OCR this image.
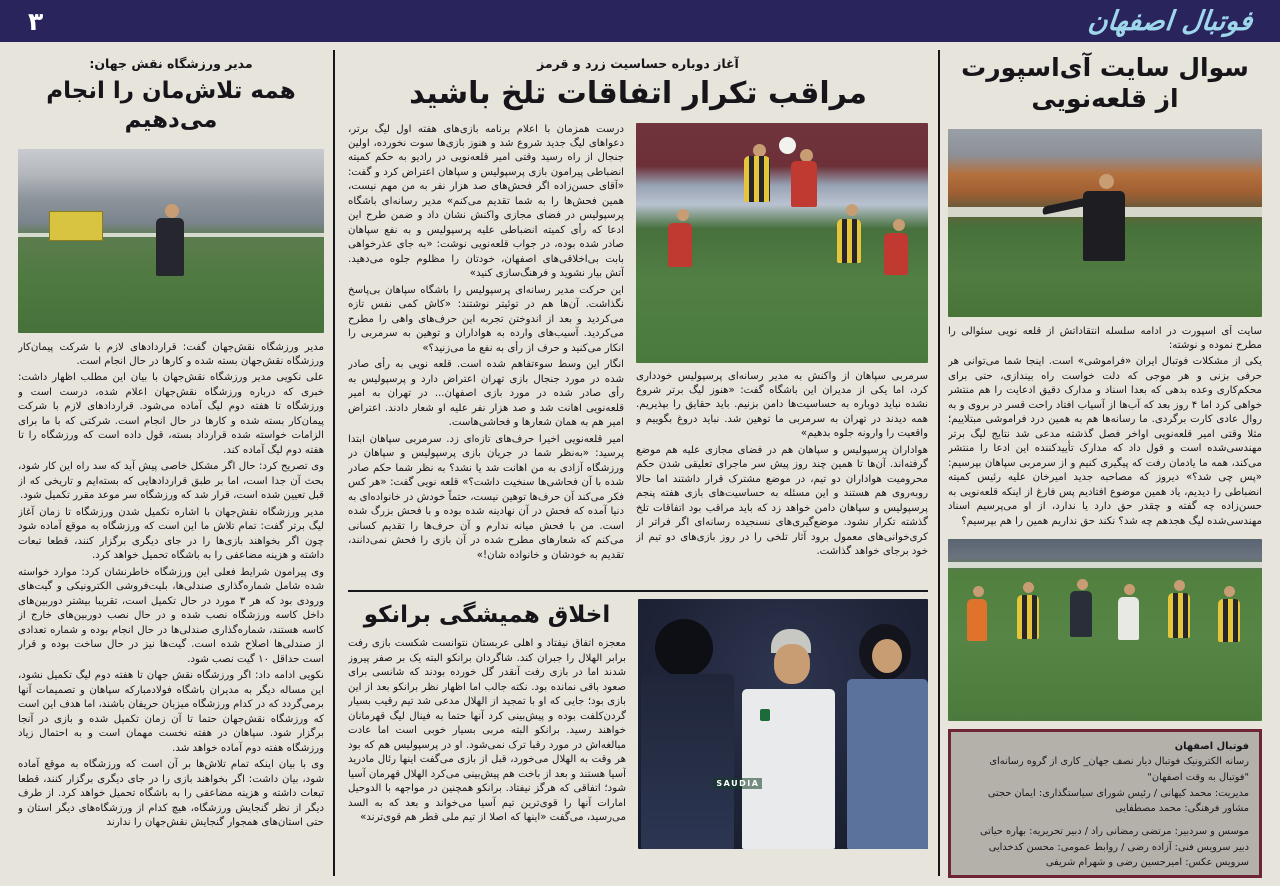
۳	فوتبال اصفهان
سوال سایت آی‌اسپورت
از قلعه‌نویی

سایت آی اسپورت در ادامه سلسله انتقاداتش از قلعه نویی سئوالی را مطرح نموده و نوشته:

یکی از مشکلات فوتبال ایران «فراموشی» است. اینجا شما می‌توانی هر حرفی بزنی و هر موجی که دلت خواست راه بیندازی، حتی برای محکم‌کاری وعده بدهی که بعدا اسناد و مدارک دقیق ادعایت را هم منتشر خواهی کرد اما ۴ روز بعد که آب‌ها از آسیاب افتاد راحت قسر در بروی و به روال عادی کارت برگردی. ما رسانه‌ها هم به همین درد فراموشی مبتلاییم؛ مثلا وقتی امیر قلعه‌نویی اواخر فصل گذشته مدعی شد نتایج لیگ برتر مهندسی‌شده است و قول داد که مدارک تأییدکننده این ادعا را منتشر می‌کند، همه ما یادمان رفت که پیگیری کنیم و از سرمربی سپاهان بپرسیم: «پس چی شد؟» دیروز که مصاحبه جدید امیرخان علیه رئیس کمیته انضباطی را دیدیم، یاد همین موضوع افتادیم پس فارغ از اینکه قلعه‌نویی به حسن‌زاده چه گفته و چقدر حق دارد یا ندارد، از او می‌پرسیم اسناد مهندسی‌شده لیگ هجدهم چه شد؟ نکند حق نداریم همین را هم بپرسیم؟

فوتبال اصفهان
رسانه الکترونیک فوتبال دیار نصف جهان_ کاری از گروه رسانه‌ای "فوتبال به وقت اصفهان"
مدیریت: محمد کیهانی / رئیس شورای سیاستگذاری: ایمان حجتی
مشاور فرهنگی: محمد مصطفایی
موسس و سردبیر: مرتضی رمضانی راد / دبیر تحریریه: بهاره حیاتی
دبیر سرویس فنی: آزاده رضی / روابط عمومی: محسن کدخدایی
سرویس عکس: امیرحسین رضی و شهرام شریفی
آغاز دوباره حساسیت زرد و قرمز
مراقب تکرار اتفاقات تلخ باشید

سرمربی سپاهان از واکنش به مدیر رسانه‌ای پرسپولیس خودداری کرد، اما یکی از مدیران این باشگاه گفت: «هنوز لیگ برتر شروع نشده نباید دوباره به حساسیت‌ها دامن بزنیم. باید حقایق را بپذیریم. همه دیدند در تهران به سرمربی ما توهین شد. نباید دروغ بگوییم و واقعیت را وارونه جلوه بدهیم»

هواداران پرسپولیس و سپاهان هم در فضای مجازی علیه هم موضع گرفته‌اند. آن‌ها تا همین چند روز پیش سر ماجرای تعلیقی شدن حکم محرومیت هواداران دو تیم، در موضع مشترک قرار داشتند اما حالا روبه‌روی هم هستند و این مسئله به حساسیت‌های بازی هفته پنجم پرسپولیس و سپاهان دامن خواهد زد که باید مراقب بود اتفاقات تلخ گذشته تکرار نشود. موضع‌گیری‌های نسنجیده رسانه‌ای اگر فراتر از کری‌خوانی‌های معمول برود آثار تلخی را در روز بازی‌های دو تیم از خود برجای خواهد گذاشت.

درست همزمان با اعلام برنامه بازی‌های هفته اول لیگ برتر، دعواهای لیگ جدید شروع شد و هنوز بازی‌ها سوت نخورده، اولین جنجال از راه رسید وقتی امیر قلعه‌نویی در رادیو به حکم کمیته انضباطی پیرامون بازی پرسپولیس و سپاهان اعتراض کرد و گفت: «آقای حسن‌زاده اگر فحش‌های صد هزار نفر به من مهم نیست، همین فحش‌ها را به شما تقدیم می‌کنم» مدیر رسانه‌ای باشگاه پرسپولیس در فضای مجازی واکنش نشان داد و ضمن طرح این ادعا که رأی کمیته انضباطی علیه پرسپولیس و به نفع سپاهان صادر شده بوده، در جواب قلعه‌نویی نوشت: «به جای عذرخواهی بابت بی‌اخلاقی‌های اصفهان، خودتان را مظلوم جلوه می‌دهید. آتش بیار نشوید و فرهنگ‌سازی کنید»

این حرکت مدیر رسانه‌ای پرسپولیس را باشگاه سپاهان بی‌پاسخ نگذاشت. آن‌ها هم در توئیتر نوشتند: «کاش کمی نفس تازه می‌کردید و بعد از اندوختن تجربه این حرف‌های واهی را مطرح می‌کردید. آسیب‌های وارده به هواداران و توهین به سرمربی را انکار می‌کنید و حرف از رأی به نفع ما می‌زنید؟»

انگار این وسط سوءتفاهم شده است. قلعه نویی به رأی صادر شده در مورد جنجال بازی تهران اعتراض دارد و پرسپولیس به رأی صادر شده در مورد بازی اصفهان... در تهران به امیر قلعه‌نویی اهانت شد و صد هزار نفر علیه او شعار دادند. اعتراض امیر هم به همان شعارها و فحاشی‌هاست.

امیر قلعه‌نویی اخیرا حرف‌های تازه‌ای زد. سرمربی سپاهان ابتدا پرسید: «به‌نظر شما در جریان بازی پرسپولیس و سپاهان در ورزشگاه آزادی به من اهانت شد یا نشد؟ به نظر شما حکم صادر شده با آن فحاشی‌ها سنخیت داشت؟» قلعه نویی گفت: «هر کس فکر می‌کند آن حرف‌ها توهین نیست، حتماً خودش در خانواده‌ای به دنیا آمده که فحش در آن نهادینه شده بوده و با فحش بزرگ شده است. من با فحش میانه ندارم و آن حرف‌ها را تقدیم کسانی می‌کنم که شعارهای مطرح شده در آن بازی را فحش نمی‌دانند، تقدیم به خودشان و خانواده شان!»

SAUDIA
اخلاق همیشگی برانکو

معجزه اتفاق نیفتاد و اهلی عربستان نتوانست شکست بازی رفت برابر الهلال را جبران کند. شاگردان برانکو البته یک بر صفر پیروز شدند اما در بازی رفت آنقدر گل خورده بودند که شانسی برای صعود باقی نمانده بود. نکته جالب اما اظهار نظر برانکو بعد از این بازی بود؛ جایی که او با تمجید از الهلال مدعی شد تیم رقیب بسیار گردن‌کلفت بوده و پیش‌بینی کرد آنها حتما به فینال لیگ قهرمانان خواهند رسید. برانکو البته مربی بسیار خوبی است اما عادت مبالغه‌اش در مورد رقبا ترک نمی‌شود. او در پرسپولیس هم که بود هر وقت به الهلال می‌خورد، قبل از بازی می‌گفت اینها رئال مادرید آسیا هستند و بعد از باخت هم پیش‌بینی می‌کرد الهلال قهرمان آسیا شود؛ اتفاقی که هرگز نیفتاد. برانکو همچنین در مواجهه با الدوحیل امارات آنها را قوی‌ترین تیم آسیا می‌خواند و بعد که به السد می‌رسید، می‌گفت «اینها که اصلا از تیم ملی قطر هم قوی‌ترند»

مدیر ورزشگاه نقش جهان:
همه تلاش‌مان را انجام می‌دهیم

مدیر ورزشگاه نقش‌جهان گفت: قراردادهای لازم با شرکت پیمان‌کار ورزشگاه نقش‌جهان بسته شده و کارها در حال انجام است.

علی نکویی مدیر ورزشگاه نقش‌جهان با بیان این مطلب اظهار داشت: خبری که درباره ورزشگاه نقش‌جهان اعلام شده، درست است و ورزشگاه تا هفته دوم لیگ آماده می‌شود. قراردادهای لازم با شرکت پیمان‌کار بسته شده و کارها در حال انجام است. شرکتی که با ما برای الزامات خواسته شده قرارداد بسته، قول داده است که ورزشگاه را تا هفته دوم لیگ آماده کند.

وی تصریح کرد: حال اگر مشکل خاصی پیش آید که سد راه این کار شود، بحث آن جدا است، اما بر طبق قراردادهایی که بسته‌ایم و تاریخی که از قبل تعیین شده است، قرار شد که ورزشگاه سر موعد مقرر تکمیل شود.

مدیر ورزشگاه نقش‌جهان با اشاره تکمیل شدن ورزشگاه تا زمان آغاز لیگ برتر گفت: تمام تلاش ما این است که ورزشگاه به موقع آماده شود چون اگر بخواهند بازی‌ها را در جای دیگری برگزار کنند، قطعا تبعات داشته و هزینه مضاعفی را به باشگاه تحمیل خواهد کرد.

وی پیرامون شرایط فعلی این ورزشگاه خاطرنشان کرد: موارد خواسته شده شامل شماره‌گذاری صندلی‌ها، بلیت‌فروشی الکترونیکی و گیت‌های ورودی بود که هر ۳ مورد در حال تکمیل است، تقریبا بیشتر دوربین‌های داخل کاسه ورزشگاه نصب شده و در حال نصب دوربین‌های خارج از کاسه هستند، شماره‌گذاری صندلی‌ها در حال انجام بوده و شماره تعدادی از صندلی‌ها اصلاح شده است. گیت‌ها نیز در حال ساخت بوده و قرار است حداقل ۱۰ گیت نصب شود.

نکویی ادامه داد: اگر ورزشگاه نقش جهان تا هفته دوم لیگ تکمیل نشود، این مساله دیگر به مدیران باشگاه فولادمبارکه سپاهان و تصمیمات آنها برمی‌گردد که در کدام ورزشگاه میزبان حریفان باشند، اما هدف این است که ورزشگاه نقش‌جهان حتما تا آن زمان تکمیل شده و بازی در آنجا برگزار شود. سپاهان در هفته نخست مهمان است و به احتمال زیاد ورزشگاه هفته دوم آماده خواهد شد.

وی با بیان اینکه تمام تلاش‌ها بر آن است که ورزشگاه به موقع آماده شود، بیان داشت: اگر بخواهند بازی را در جای دیگری برگزار کنند، قطعا تبعات داشته و هزینه مضاعفی را به باشگاه تحمیل خواهد کرد. از طرف دیگر از نظر گنجایش ورزشگاه، هیچ کدام از ورزشگاه‌های دیگر استان و حتی استان‌های همجوار گنجایش نقش‌جهان را ندارند
